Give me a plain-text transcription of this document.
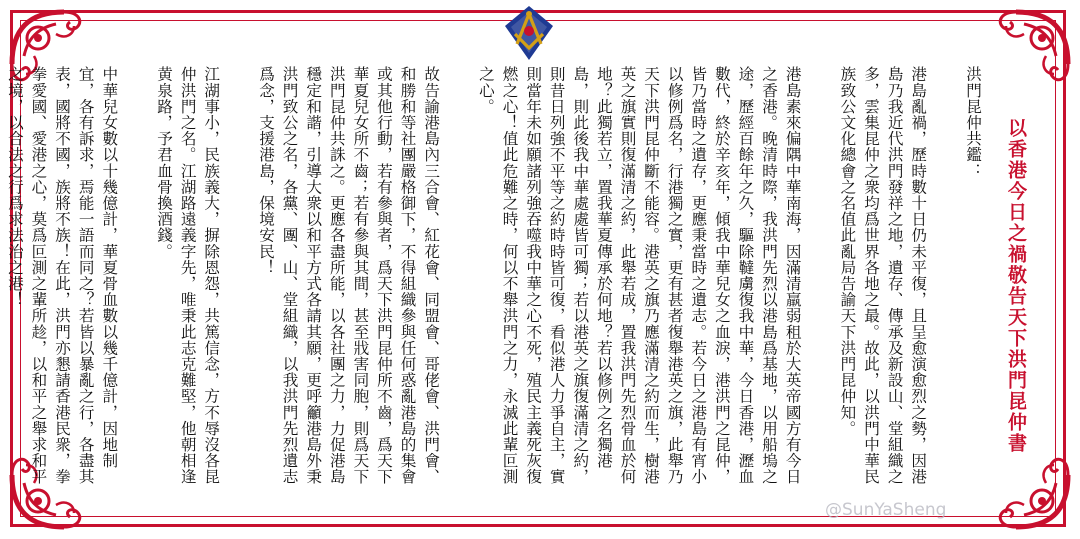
以香港今日之禍敬告天下洪門昆仲書

洪門昆仲共鑑：

港島亂禍，歷時數十日仍未平復，且呈愈演愈烈之勢，因港島乃我近代洪門發祥之地，遺存、傳承及新設山、堂組織之多，雲集昆仲之衆均爲世界各地之最。故此，以洪門中華民族致公文化總會之名值此亂局告諭天下洪門昆仲知。

港島素來偏隅中華南海，因滿清羸弱租於大英帝國方有今日之香港。晚清時際，我洪門先烈以港島爲基地，以用船塢之途，歷經百餘年之久，驅除韃虜復我中華，今日香港，瀝血數代，終於辛亥年，傾我中華兒女之血淚，港洪門之昆仲，皆乃當時之遺存，更應秉當時之遺志。若今日之港島有宵小以修例爲名，行港獨之實，更有甚者復舉港英之旗，此舉乃天下洪門昆仲斷不能容。港英之旗乃應滿清之約而生，樹港英之旗實則復滿清之約，此舉若成，置我洪門先烈骨血於何地？此獨若立，置我華夏傳承於何地？若以修例之名獨港島，則此後我中華處處皆可獨；若以港英之旗復滿清之約，則昔日列強不平等之約時時皆可復，看似港人力爭自主，實則當年未如願諸列強吞噬我中華之心不死，殖民主義死灰復燃之心！值此危難之時，何以不舉洪門之力，永滅此輩叵測之心。

故告諭港島內三合會、紅花會、同盟會、哥佬會、洪門會、和勝和等社團嚴格御下，不得組織參與任何惑亂港島的集會或其他行動，若有參與者，爲天下洪門昆仲所不齒，爲天下華夏兒女所不齒；若有參與其間，甚至戕害同胞，則爲天下洪門昆仲共誅之。更應各盡所能，以各社團之力，力促港島穩定和諧，引導大衆以和平方式各請其願，更呼籲港島外秉洪門致公之名，各黨、團、山、堂組織，以我洪門先烈遺志爲念，支援港島，保境安民！

江湖事小，民族義大，摒除恩怨，共篤信念，方不辱沒各昆仲洪門之名。江湖路遠義字先，唯秉此志克難堅，他朝相逢黄泉路，予君血骨換酒錢。

中華兒女數以十幾億計，華夏骨血數以幾千億計，因地制宜，各有訴求，焉能一語而同之？若皆以暴亂之行，各盡其表，國將不國，族將不族！在此，洪門亦懇請香港民衆，拳拳愛國、愛港之心，莫爲叵測之輩所趁，以和平之舉求和平之境，以合法之行爲求法治之港！

@SunYaSheng
